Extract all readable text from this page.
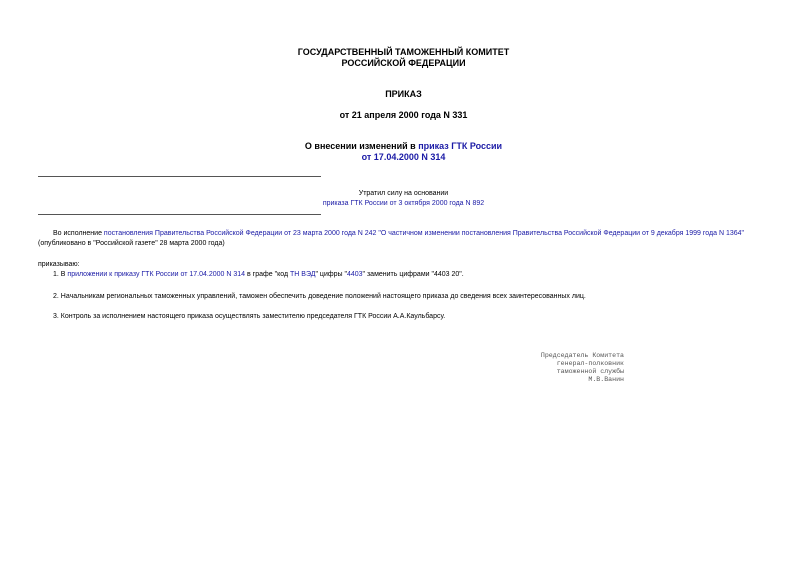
ГОСУДАРСТВЕННЫЙ ТАМОЖЕННЫЙ КОМИТЕТ
РОССИЙСКОЙ ФЕДЕРАЦИИ
ПРИКАЗ
от 21 апреля 2000 года N 331
О внесении изменений в приказ ГТК России
от 17.04.2000 N 314
Утратил силу на основании
приказа ГТК России от 3 октября 2000 года N 892
Во исполнение постановления Правительства Российской Федерации от 23 марта 2000 года N 242 "О частичном изменении постановления Правительства Российской Федерации от 9 декабря 1999 года N 1364"
(опубликовано в "Российской газете" 28 марта 2000 года)
приказываю:
1. В приложении к приказу ГТК России от 17.04.2000 N 314 в графе "код ТН ВЭД" цифры "4403" заменить цифрами "4403 20".
2. Начальникам региональных таможенных управлений, таможен обеспечить доведение положений настоящего приказа до сведения всех заинтересованных лиц.
3. Контроль за исполнением настоящего приказа осуществлять заместителю председателя ГТК России А.А.Каульбарсу.
Председатель Комитета
генерал-полковник
таможенной службы
М.В.Ванин
